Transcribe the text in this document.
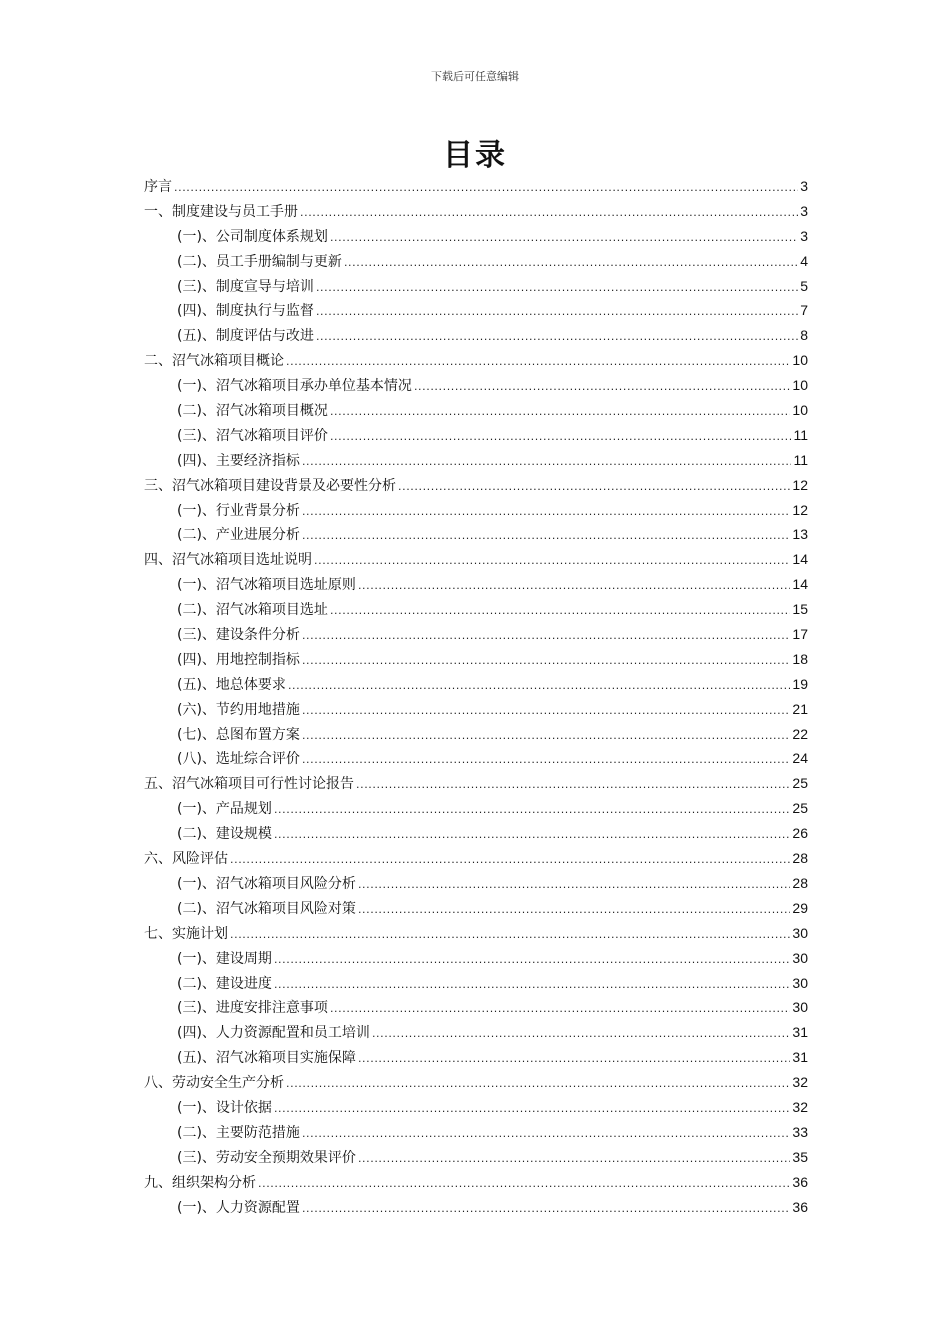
下载后可任意编辑
目录
序言 .....	3
一、制度建设与员工手册 .....	3
(一)、公司制度体系规划 .....	3
(二)、员工手册编制与更新 .....	4
(三)、制度宣导与培训 .....	5
(四)、制度执行与监督 .....	7
(五)、制度评估与改进 .....	8
二、沼气冰箱项目概论 .....	10
(一)、沼气冰箱项目承办单位基本情况 .....	10
(二)、沼气冰箱项目概况 .....	10
(三)、沼气冰箱项目评价 .....	11
(四)、主要经济指标 .....	11
三、沼气冰箱项目建设背景及必要性分析 .....	12
(一)、行业背景分析 .....	12
(二)、产业进展分析 .....	13
四、沼气冰箱项目选址说明 .....	14
(一)、沼气冰箱项目选址原则 .....	14
(二)、沼气冰箱项目选址 .....	15
(三)、建设条件分析 .....	17
(四)、用地控制指标 .....	18
(五)、地总体要求 .....	19
(六)、节约用地措施 .....	21
(七)、总图布置方案 .....	22
(八)、选址综合评价 .....	24
五、沼气冰箱项目可行性讨论报告 .....	25
(一)、产品规划 .....	25
(二)、建设规模 .....	26
六、风险评估 .....	28
(一)、沼气冰箱项目风险分析 .....	28
(二)、沼气冰箱项目风险对策 .....	29
七、实施计划 .....	30
(一)、建设周期 .....	30
(二)、建设进度 .....	30
(三)、进度安排注意事项 .....	30
(四)、人力资源配置和员工培训 .....	31
(五)、沼气冰箱项目实施保障 .....	31
八、劳动安全生产分析 .....	32
(一)、设计依据 .....	32
(二)、主要防范措施 .....	33
(三)、劳动安全预期效果评价 .....	35
九、组织架构分析 .....	36
(一)、人力资源配置 .....	36
